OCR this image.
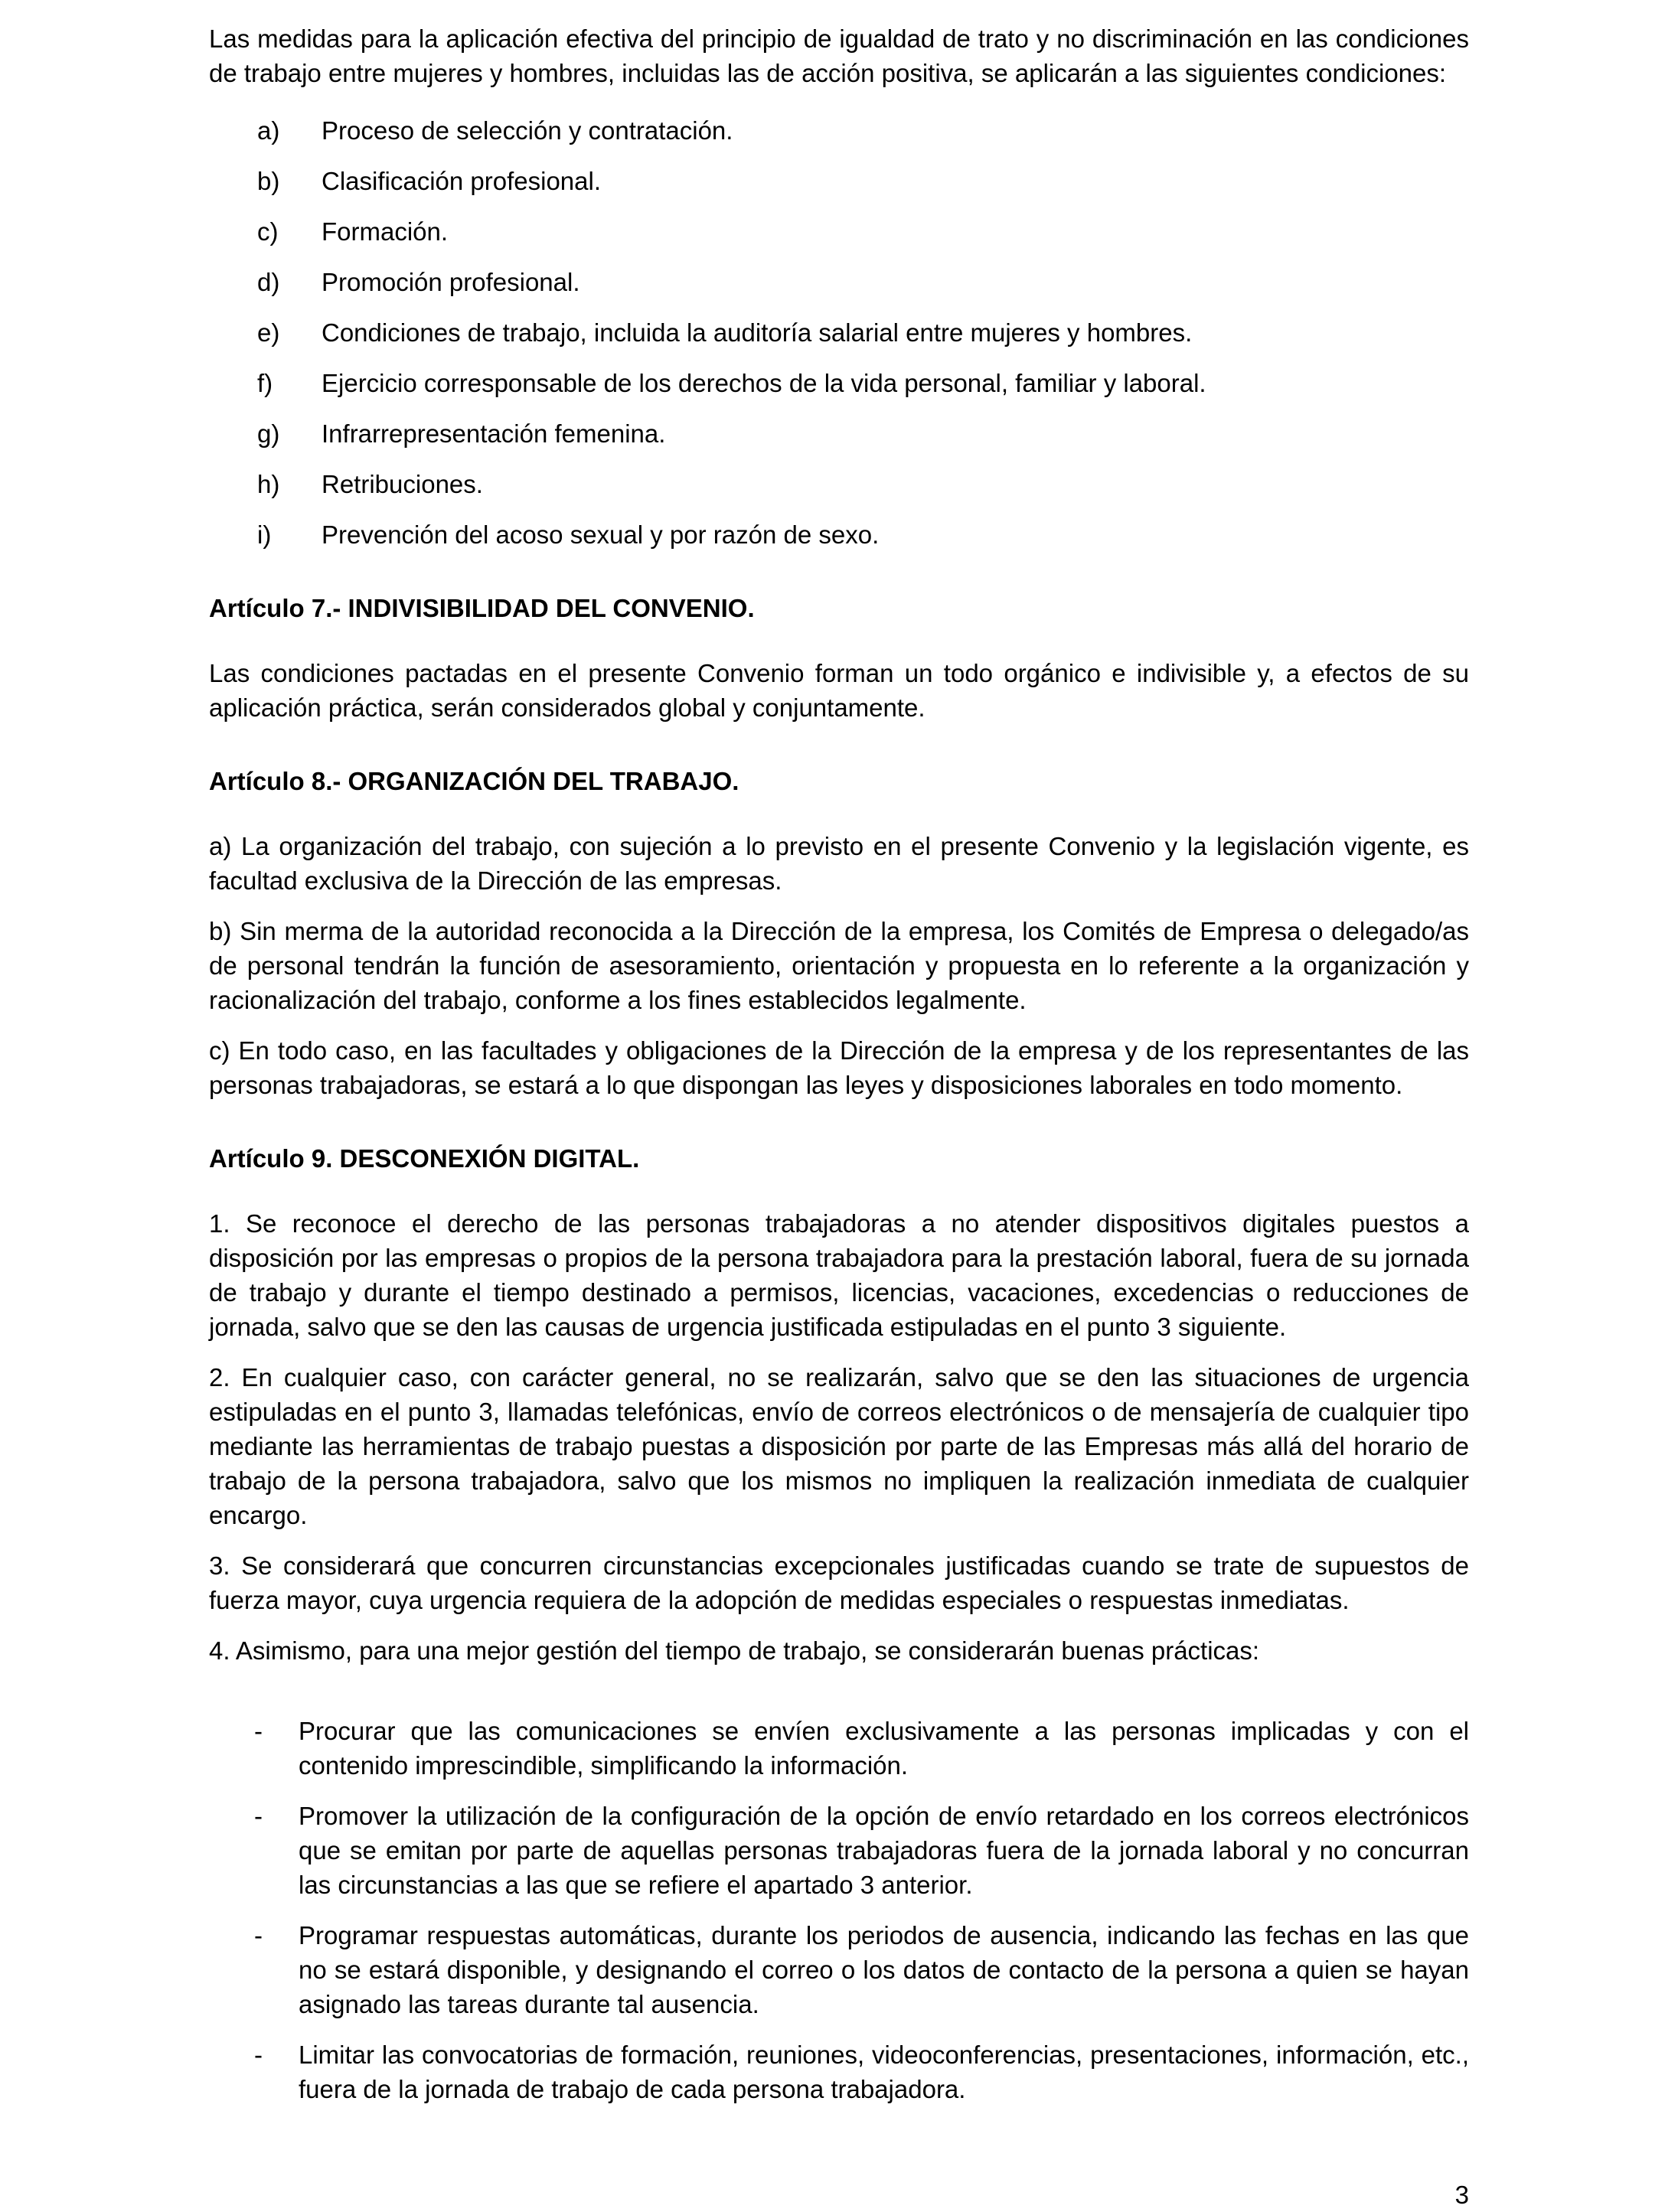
Las medidas para la aplicación efectiva del principio de igualdad de trato y no discriminación en las condiciones de trabajo entre mujeres y hombres, incluidas las de acción positiva, se aplicarán a las siguientes condiciones:

a) Proceso de selección y contratación.
b) Clasificación profesional.
c) Formación.
d) Promoción profesional.
e) Condiciones de trabajo, incluida la auditoría salarial entre mujeres y hombres.
f) Ejercicio corresponsable de los derechos de la vida personal, familiar y laboral.
g) Infrarrepresentación femenina.
h) Retribuciones.
i) Prevención del acoso sexual y por razón de sexo.
Artículo 7.- INDIVISIBILIDAD DEL CONVENIO.

Las condiciones pactadas en el presente Convenio forman un todo orgánico e indivisible y, a efectos de su aplicación práctica, serán considerados global y conjuntamente.

Artículo 8.- ORGANIZACIÓN DEL TRABAJO.

a) La organización del trabajo, con sujeción a lo previsto en el presente Convenio y la legislación vigente, es facultad exclusiva de la Dirección de las empresas.

b) Sin merma de la autoridad reconocida a la Dirección de la empresa, los Comités de Empresa o delegado/as de personal tendrán la función de asesoramiento, orientación y propuesta en lo referente a la organización y racionalización del trabajo, conforme a los fines establecidos legalmente.

c) En todo caso, en las facultades y obligaciones de la Dirección de la empresa y de los representantes de las personas trabajadoras, se estará a lo que dispongan las leyes y disposiciones laborales en todo momento.

Artículo 9. DESCONEXIÓN DIGITAL.

1. Se reconoce el derecho de las personas trabajadoras a no atender dispositivos digitales puestos a disposición por las empresas o propios de la persona trabajadora para la prestación laboral, fuera de su jornada de trabajo y durante el tiempo destinado a permisos, licencias, vacaciones, excedencias o reducciones de jornada, salvo que se den las causas de urgencia justificada estipuladas en el punto 3 siguiente.

2. En cualquier caso, con carácter general, no se realizarán, salvo que se den las situaciones de urgencia estipuladas en el punto 3, llamadas telefónicas, envío de correos electrónicos o de mensajería de cualquier tipo mediante las herramientas de trabajo puestas a disposición por parte de las Empresas más allá del horario de trabajo de la persona trabajadora, salvo que los mismos no impliquen la realización inmediata de cualquier encargo.

3. Se considerará que concurren circunstancias excepcionales justificadas cuando se trate de supuestos de fuerza mayor, cuya urgencia requiera de la adopción de medidas especiales o respuestas inmediatas.

4. Asimismo, para una mejor gestión del tiempo de trabajo, se considerarán buenas prácticas:

- Procurar que las comunicaciones se envíen exclusivamente a las personas implicadas y con el contenido imprescindible, simplificando la información.
- Promover la utilización de la configuración de la opción de envío retardado en los correos electrónicos que se emitan por parte de aquellas personas trabajadoras fuera de la jornada laboral y no concurran las circunstancias a las que se refiere el apartado 3 anterior.
- Programar respuestas automáticas, durante los periodos de ausencia, indicando las fechas en las que no se estará disponible, y designando el correo o los datos de contacto de la persona a quien se hayan asignado las tareas durante tal ausencia.
- Limitar las convocatorias de formación, reuniones, videoconferencias, presentaciones, información, etc., fuera de la jornada de trabajo de cada persona trabajadora.
3
